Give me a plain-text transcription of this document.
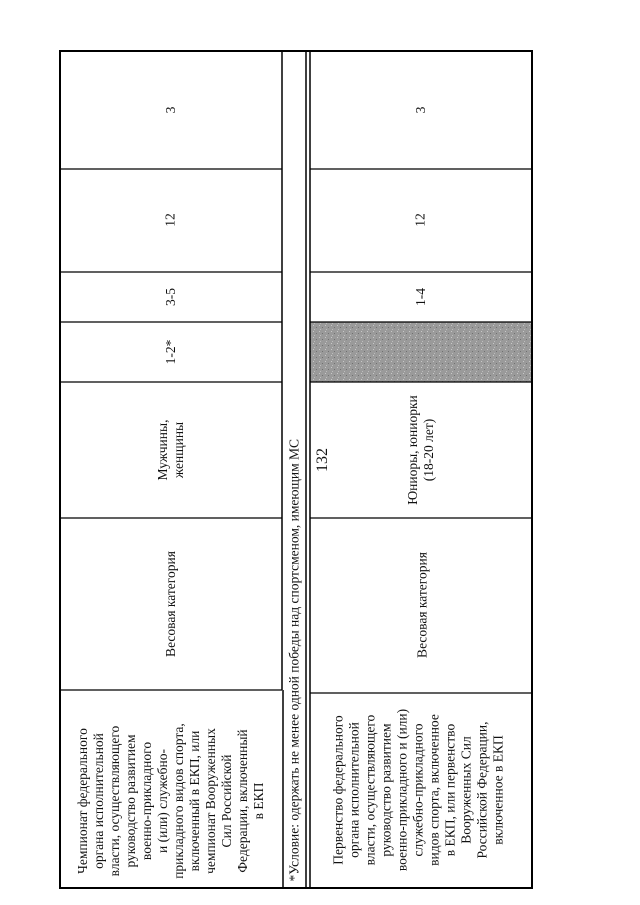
132
Чемпионат федерального органа исполнительной власти, осуществляющего руководство развитием военно-прикладного и (или) служебно- прикладного видов спорта, включенный в ЕКП, или чемпионат Вооруженных Сил Российской Федерации, включенный в ЕКП
Весовая категория
Мужчины, женщины
1-2*
3-5
12
3
*Условие: одержать не менее одной победы над спортсменом, имеющим МС Первенство федерального органа исполнительной власти, осуществляющего руководство развитием военно-прикладного и (или) служебно-прикладного видов спорта, включенное в ЕКП, или первенство Вооруженных Сил Российской Федерации, включенное в ЕКП
Весовая категория
Юниоры, юниорки (18-20 лет)
1-4
12
3
